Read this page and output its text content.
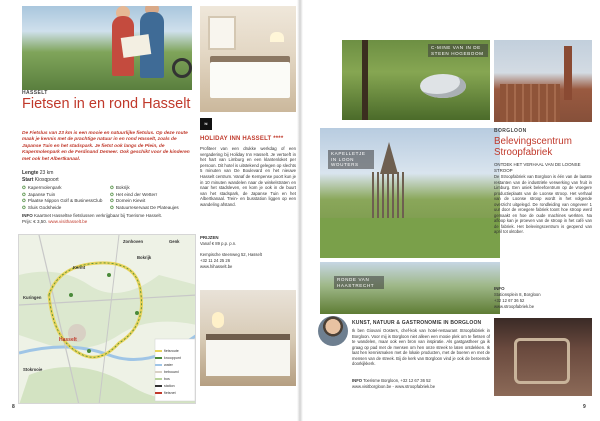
HASSELT
Fietsen in en rond Hasselt
De Fietslus van 23 km is een mooie en natuurlijke fietslus. Op deze route maak je kennis met de prachtige natuur in en rond Hasselt, zoals de Japanse Tuin en het stadspark. Je fietst ook langs de Plein, de Kapermolenpark en de Ferdinand Demeer. Ook geschikt voor de kinderen met ook het Albertkanaal.
Lengte 23 km
Start Kiosqpoort
✪ Kapermolenpark
✪ Japanse Tuin
✪ Plaatse Nippon Golf & BusinessClub
✪ Sluis Godsheide
✪ Bokrijk
✪ Het eind der Wetterr
✪ Domein Kiewit
✪ Natuurreservaat De Plateaujes
INFO Kaartnet Hasseltse fietslussen verkrijgbaar bij Toerisme Hasselt.
Prijs: € 3,50. www.visithasselt.be
Kermt
Hasselt
Kuringen
Stokrooie
Bokrijk
Genk
Zonhoven
fietsroute
knooppunt
water
bebouwd
bos
station
fietsnet
hi
HOLIDAY INN HASSELT ****
Profiteer van een drukke werkdag of een vergadering bij Holiday Inn Hasselt. Je vertoeft in het hart van Limburg en een klantenloket per persoon. Dit hotel is uitstekend gelegen op slechts 5 minuten van De Boulevard en het nieuwe Hasselt centrum. Vanaf de Kempense poort kun je in 10 minuten wandelen naar de winkelstraten en naar het stadsleven, en kom je ook in de buurt van het stadspark, de Japanse Tuin en het Albertkanaal. Trein- en busstation liggen op een wandeling afstand.
PRIJZEN
Vanaf € 89 p.p. p.n.
Kempische steenweg 52, Hasselt
+32 11 24 25 26
www.hihasselt.be
8
C-MINE VAN IN DE STEEN HOGEBOOM
KAPELLETJE IN LOON WOUTERS
RONDE VAN HAASTRECHT
BORGLOON
Belevingscentrum Stroopfabriek
ONTDEK HET VERHAAL VAN DE LOONSE STROOP
De Stroopfabriek van Borgloon is één van de laatste restanten van de industriële verwerking van fruit in Limburg. Een uniek beleefcentrum op de vroegere productieplaats van de Loonse stroop. Het verhaal van de Loonse stroop wordt in het volgende overzicht uitgelegd. De rondleiding van ongeveer 1 uur door de vroegere fabriek toont hoe stroop werd gemaakt en hoe de oude machines werkten. Na afloop kan je proeven van de stroop in het café van de fabriek. Het belevingscentrum is geopend van april tot oktober.
INFO
Stationsplein 8, Borgloon
+32 12 67 36 52
www.stroopfabriek.be
KUNST, NATUUR & GASTRONOMIE IN BORGLOON
Ik ben Giovani Oosters, chef-kok van hotel-restaurant Stroopfabriek in Borgloon. Voor mij is Borgloon niet alleen een mooie plek om te fietsen of te wandelen, maar ook een bron van inspiratie. Als gastgastheer ga ik graag op pad met de mensen om hen onze streek te laten ontdekken. Ik laat hen kennismaken met de lokale producten, met de boeren en met de mensen van de streek. Bij de kerk van Borgloon vind je ook de beroemde doorkijkkerk.
INFO Toerisme Borgloon, +32 12 67 36 52
www.visitborgloon.be - www.stroopfabriek.be
9
